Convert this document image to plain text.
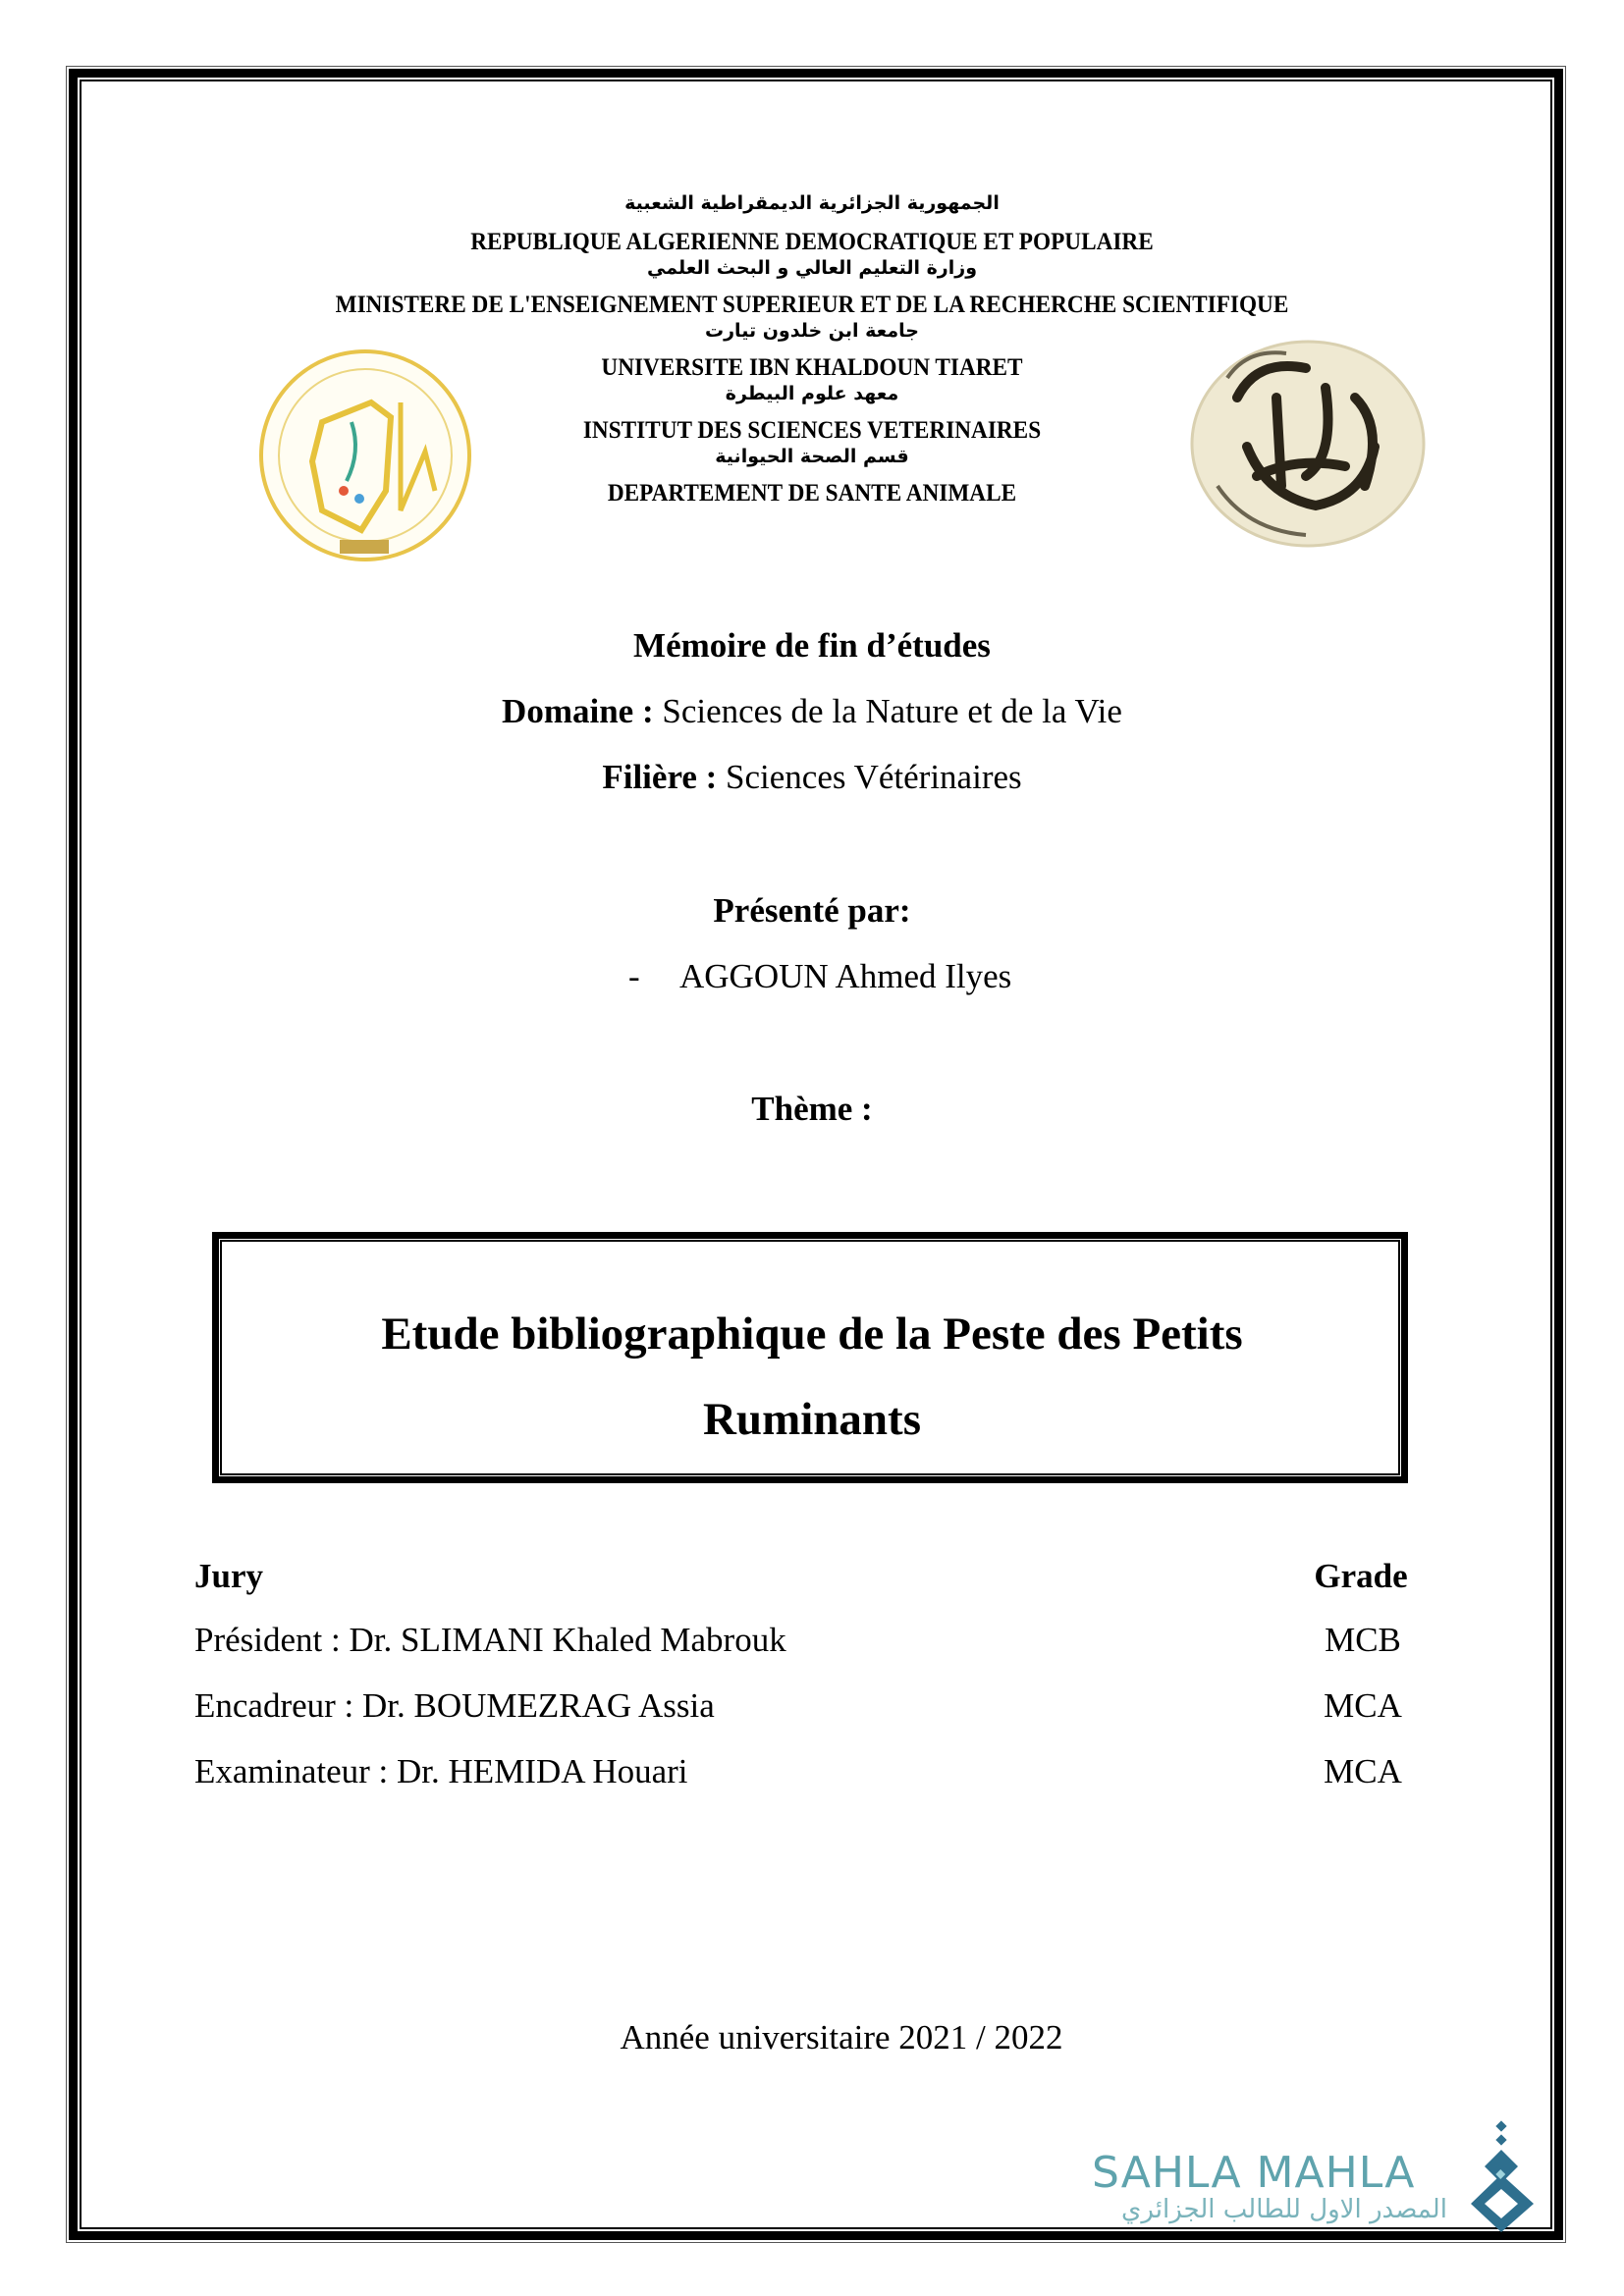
الجمهورية الجزائرية الديمقراطية الشعبية
REPUBLIQUE ALGERIENNE DEMOCRATIQUE ET POPULAIRE
وزارة التعليم العالي و البحث العلمي
MINISTERE DE L'ENSEIGNEMENT SUPERIEUR ET DE LA RECHERCHE SCIENTIFIQUE
جامعة ابن خلدون تيارت
UNIVERSITE IBN KHALDOUN TIARET
معهد علوم البيطرة
INSTITUT DES SCIENCES VETERINAIRES
قسم الصحة الحيوانية
DEPARTEMENT DE SANTE ANIMALE
Mémoire de fin d’études
Domaine : Sciences de la Nature et de la Vie
Filière : Sciences Vétérinaires
Présenté par:
- AGGOUN Ahmed Ilyes
Thème :
Etude bibliographique de la Peste des Petits
Ruminants
Jury	Grade
Président : Dr. SLIMANI Khaled Mabrouk	MCB
Encadreur : Dr. BOUMEZRAG Assia	MCA
Examinateur : Dr. HEMIDA Houari	MCA
Année universitaire 2021 / 2022
SAHLA MAHLA
المصدر الاول للطالب الجزائري
